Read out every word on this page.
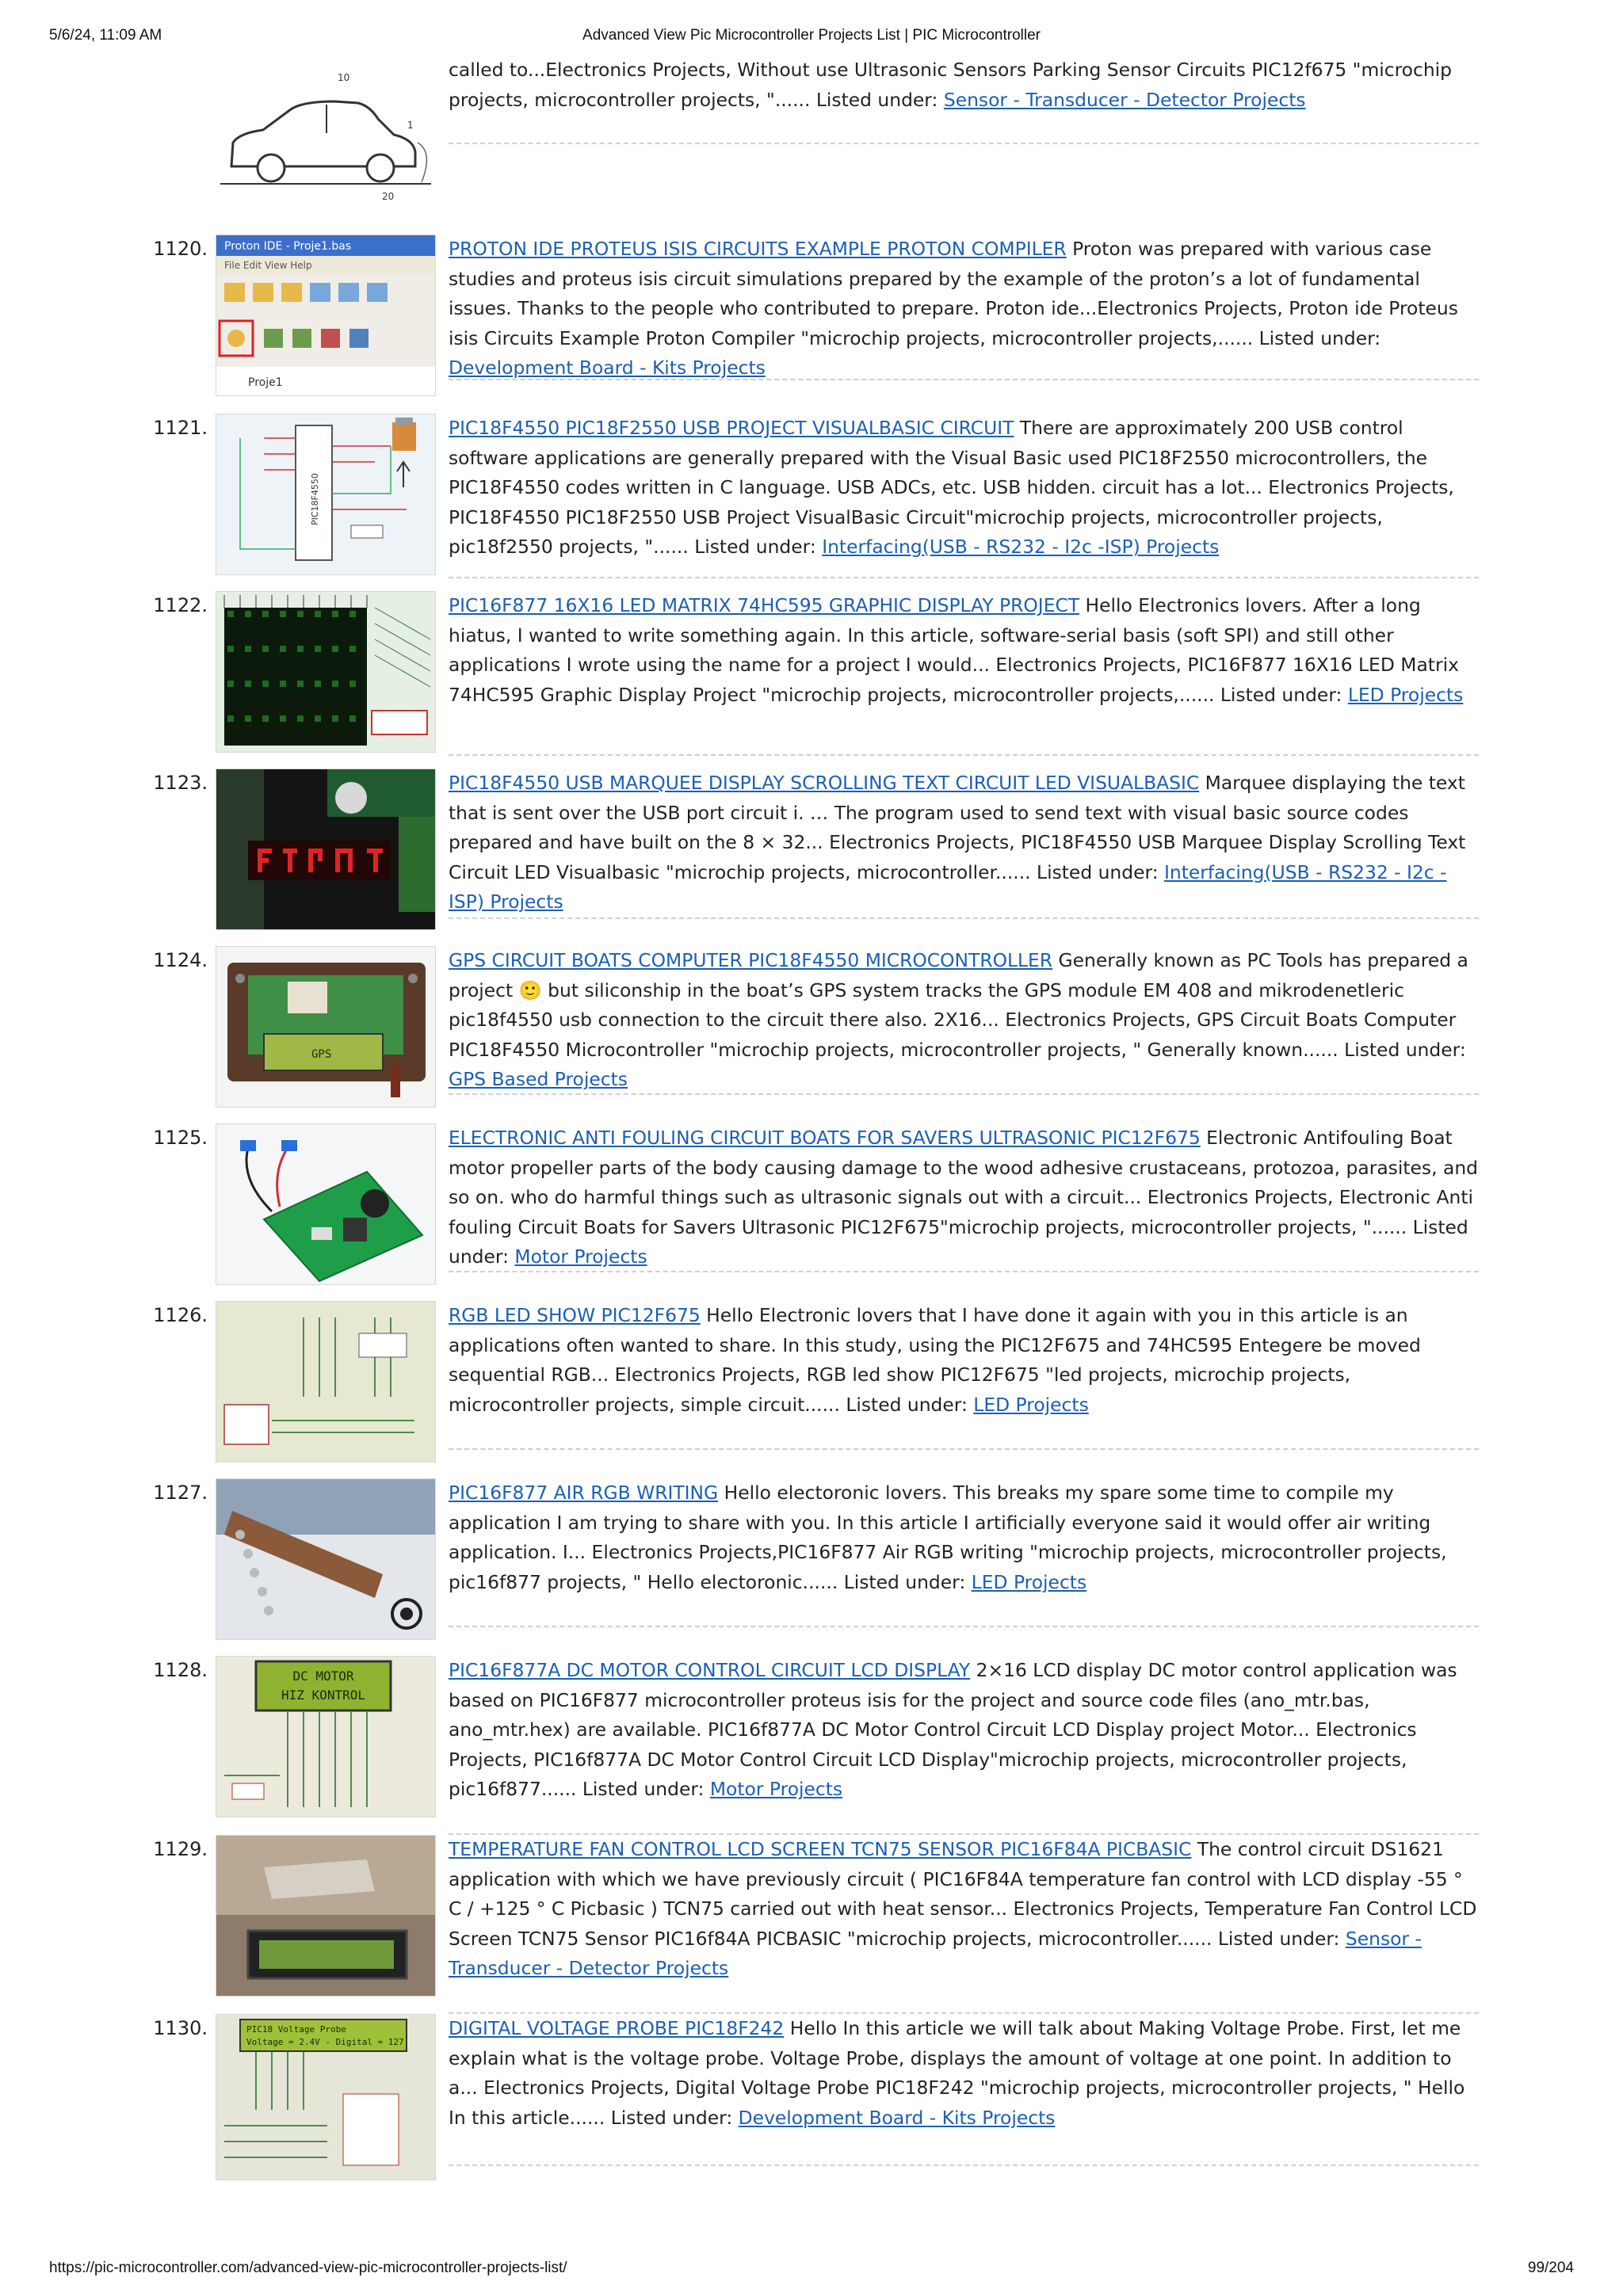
5/6/24, 11:09 AM	Advanced View Pic Microcontroller Projects List | PIC Microcontroller
10
1
20
called to...Electronics Projects, Without use Ultrasonic Sensors Parking Sensor Circuits PIC12f675 "microchip projects, microcontroller projects, "...... Listed under: Sensor - Transducer - Detector Projects
1120. Proton IDE - Proje1.bas
File Edit View Help
Proje1
PROTON IDE PROTEUS ISIS CIRCUITS EXAMPLE PROTON COMPILER Proton was prepared with various case studies and proteus isis circuit simulations prepared by the example of the proton’s a lot of fundamental issues. Thanks to the people who contributed to prepare. Proton ide...Electronics Projects, Proton ide Proteus isis Circuits Example Proton Compiler "microchip projects, microcontroller projects,...... Listed under: Development Board - Kits Projects
1121.
PIC18F4550
PIC18F4550 PIC18F2550 USB PROJECT VISUALBASIC CIRCUIT There are approximately 200 USB control software applications are generally prepared with the Visual Basic used PIC18F2550 microcontrollers, the PIC18F4550 codes written in C language. USB ADCs, etc. USB hidden. circuit has a lot... Electronics Projects, PIC18F4550 PIC18F2550 USB Project VisualBasic Circuit"microchip projects, microcontroller projects, pic18f2550 projects, "...... Listed under: Interfacing(USB - RS232 - I2c -ISP) Projects
1122.	PIC16F877 16X16 LED MATRIX 74HC595 GRAPHIC DISPLAY PROJECT Hello Electronics lovers. After a long hiatus, I wanted to write something again. In this article, software-serial basis (soft SPI) and still other applications I wrote using the name for a project I would... Electronics Projects, PIC16F877 16X16 LED Matrix 74HC595 Graphic Display Project "microchip projects, microcontroller projects,...... Listed under: LED Projects
1123.	PIC18F4550 USB MARQUEE DISPLAY SCROLLING TEXT CIRCUIT LED VISUALBASIC Marquee displaying the text that is sent over the USB port circuit i. … The program used to send text with visual basic source codes prepared and have built on the 8 × 32... Electronics Projects, PIC18F4550 USB Marquee Display Scrolling Text Circuit LED Visualbasic "microchip projects, microcontroller...... Listed under: Interfacing(USB - RS232 - I2c -ISP) Projects
1124.
GPS
GPS CIRCUIT BOATS COMPUTER PIC18F4550 MICROCONTROLLER Generally known as PC Tools has prepared a project 🙂 but siliconship in the boat’s GPS system tracks the GPS module EM 408 and mikrodenetleric pic18f4550 usb connection to the circuit there also. 2X16... Electronics Projects, GPS Circuit Boats Computer PIC18F4550 Microcontroller "microchip projects, microcontroller projects, " Generally known...... Listed under: GPS Based Projects
1125.	ELECTRONIC ANTI FOULING CIRCUIT BOATS FOR SAVERS ULTRASONIC PIC12F675 Electronic Antifouling Boat motor propeller parts of the body causing damage to the wood adhesive crustaceans, protozoa, parasites, and so on. who do harmful things such as ultrasonic signals out with a circuit... Electronics Projects, Electronic Anti fouling Circuit Boats for Savers Ultrasonic PIC12F675"microchip projects, microcontroller projects, "...... Listed under: Motor Projects
1126.	RGB LED SHOW PIC12F675 Hello Electronic lovers that I have done it again with you in this article is an applications often wanted to share. In this study, using the PIC12F675 and 74HC595 Entegere be moved sequential RGB... Electronics Projects, RGB led show PIC12F675 "led projects, microchip projects, microcontroller projects, simple circuit...... Listed under: LED Projects
1127.	PIC16F877 AIR RGB WRITING Hello electoronic lovers. This breaks my spare some time to compile my application I am trying to share with you. In this article I artificially everyone said it would offer air writing application. I... Electronics Projects,PIC16F877 Air RGB writing "microchip projects, microcontroller projects, pic16f877 projects, " Hello electoronic...... Listed under: LED Projects
1128.	DC MOTOR
HIZ KONTROL
PIC16F877A DC MOTOR CONTROL CIRCUIT LCD DISPLAY 2×16 LCD display DC motor control application was based on PIC16F877 microcontroller proteus isis for the project and source code files (ano_mtr.bas, ano_mtr.hex) are available. PIC16f877A DC Motor Control Circuit LCD Display project Motor... Electronics Projects, PIC16f877A DC Motor Control Circuit LCD Display"microchip projects, microcontroller projects, pic16f877...... Listed under: Motor Projects
1129.	TEMPERATURE FAN CONTROL LCD SCREEN TCN75 SENSOR PIC16F84A PICBASIC The control circuit DS1621 application with which we have previously circuit ( PIC16F84A temperature fan control with LCD display -55 ° C / +125 ° C Picbasic ) TCN75 carried out with heat sensor... Electronics Projects, Temperature Fan Control LCD Screen TCN75 Sensor PIC16f84A PICBASIC "microchip projects, microcontroller...... Listed under: Sensor - Transducer - Detector Projects
1130.	PIC18 Voltage Probe
Voltage = 2.4V - Digital = 127
DIGITAL VOLTAGE PROBE PIC18F242 Hello In this article we will talk about Making Voltage Probe. First, let me explain what is the voltage probe. Voltage Probe, displays the amount of voltage at one point. In addition to a... Electronics Projects, Digital Voltage Probe PIC18F242 "microchip projects, microcontroller projects, " Hello In this article...... Listed under: Development Board - Kits Projects
https://pic-microcontroller.com/advanced-view-pic-microcontroller-projects-list/	99/204
